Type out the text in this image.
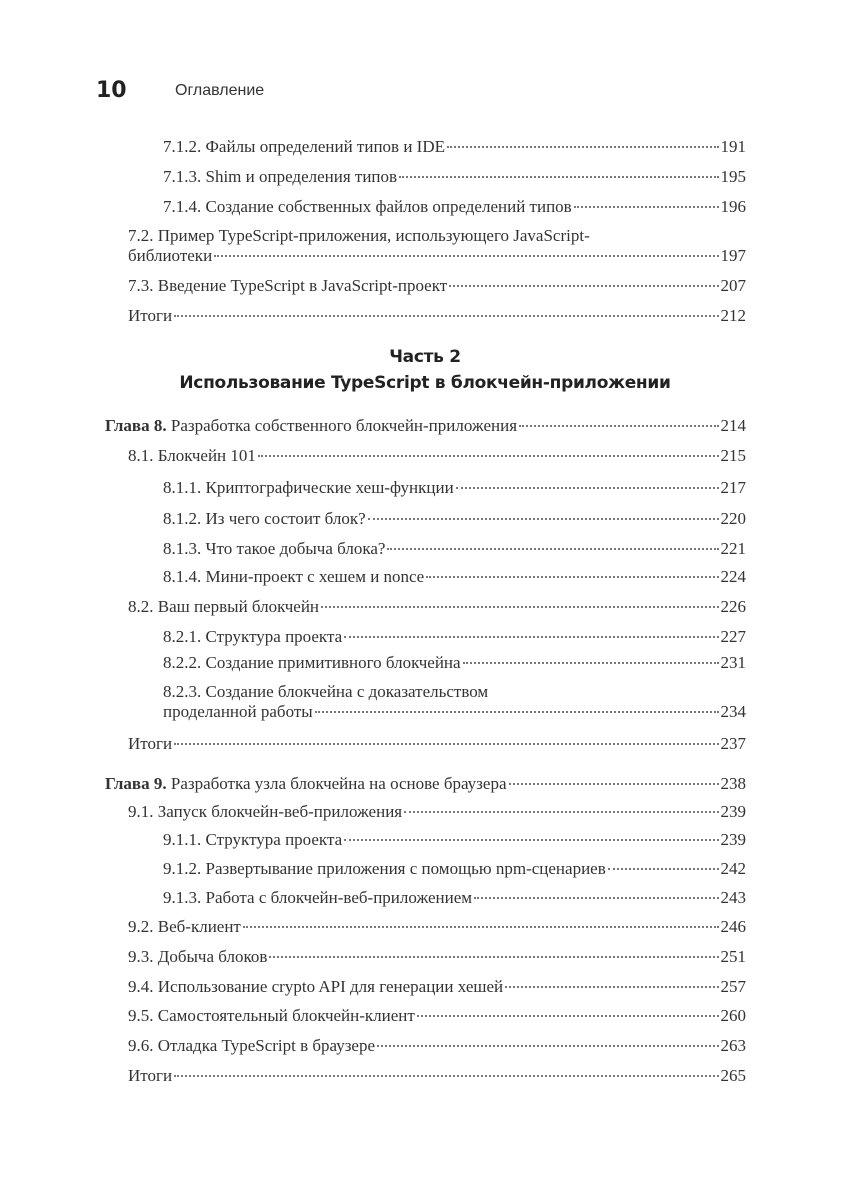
10	Оглавление
Часть 2
Использование TypeScript в блокчейн-приложении
7.1.2. Файлы определений типов и IDE	191
7.1.3. Shim и определения типов	195
7.1.4. Создание собственных файлов определений типов	196
7.2. Пример TypeScript-приложения, использующего JavaScript-
библиотеки	197
7.3. Введение TypeScript в JavaScript-проект	207
Итоги	212
Глава 8. Разработка собственного блокчейн-приложения	214
8.1. Блокчейн 101	215
8.1.1. Криптографические хеш-функции	217
8.1.2. Из чего состоит блок?	220
8.1.3. Что такое добыча блока?	221
8.1.4. Мини-проект с хешем и nonce	224
8.2. Ваш первый блокчейн	226
8.2.1. Структура проекта	227
8.2.2. Создание примитивного блокчейна	231
8.2.3. Создание блокчейна с доказательством
проделанной работы	234
Итоги	237
Глава 9. Разработка узла блокчейна на основе браузера	238
9.1. Запуск блокчейн-веб-приложения	239
9.1.1. Структура проекта	239
9.1.2. Развертывание приложения с помощью npm-сценариев	242
9.1.3. Работа с блокчейн-веб-приложением	243
9.2. Веб-клиент	246
9.3. Добыча блоков	251
9.4. Использование crypto API для генерации хешей	257
9.5. Самостоятельный блокчейн-клиент	260
9.6. Отладка TypeScript в браузере	263
Итоги	265
